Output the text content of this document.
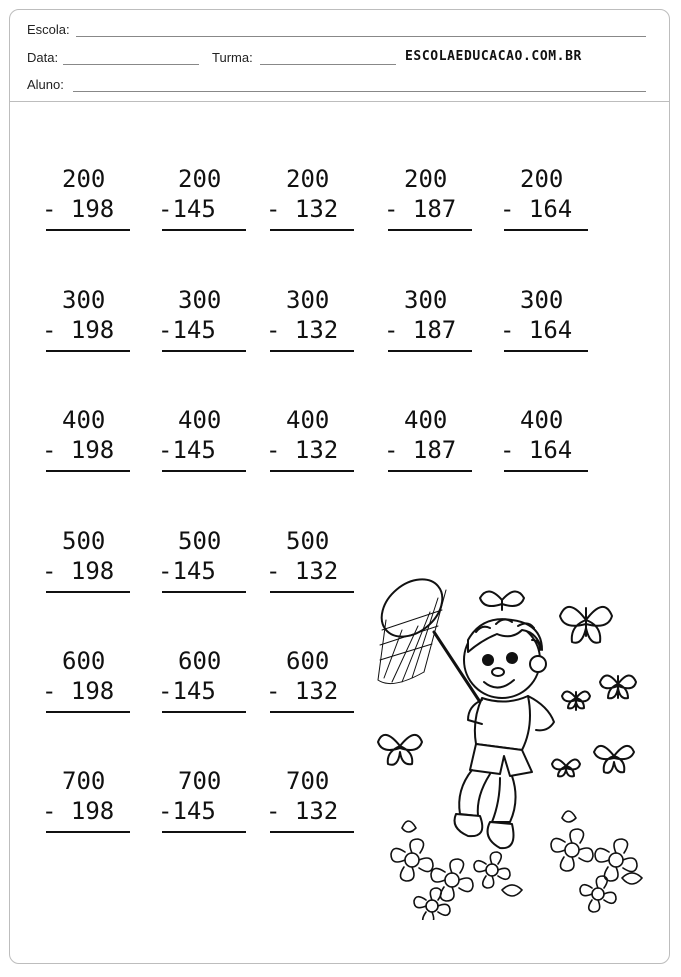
Escola:
Data:	Turma:	ESCOLAEDUCACAO.COM.BR
Aluno:
200
- 198
200
-145
200
- 132
200
- 187
200
- 164
300
- 198
300
-145
300
- 132
300
- 187
300
- 164
400
- 198
400
-145
400
- 132
400
- 187
400
- 164
500
- 198
500
-145
500
- 132
600
- 198
600
-145
600
- 132
700
- 198
700
-145
700
- 132
